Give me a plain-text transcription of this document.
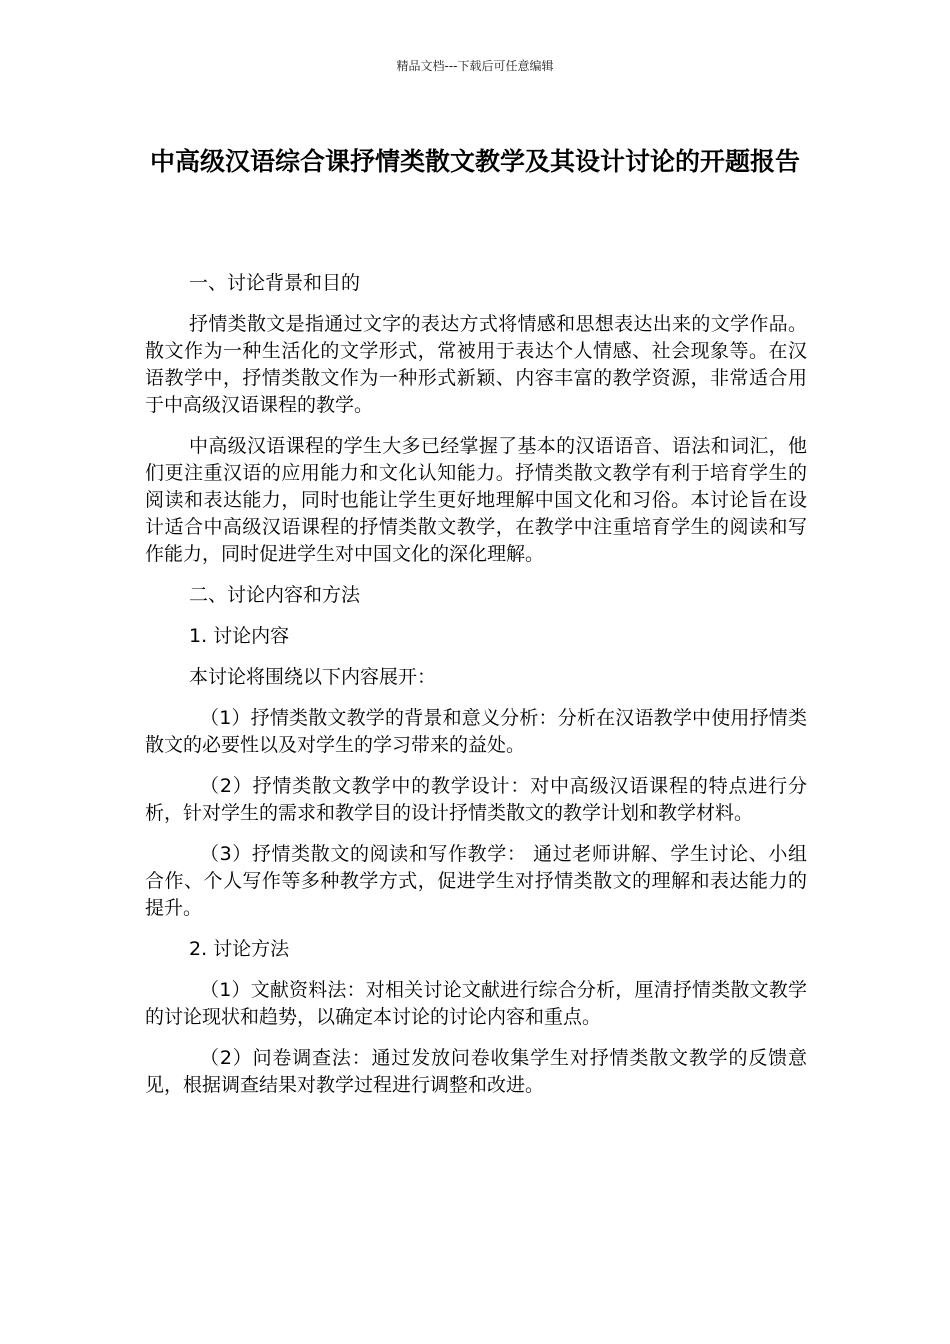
精品文档---下载后可任意编辑
中高级汉语综合课抒情类散文教学及其设计讨论的开题报告

一、讨论背景和目的

抒情类散文是指通过文字的表达方式将情感和思想表达出来的文学作品。散文作为一种生活化的文学形式，常被用于表达个人情感、社会现象等。在汉语教学中，抒情类散文作为一种形式新颖、内容丰富的教学资源，非常适合用于中高级汉语课程的教学。

中高级汉语课程的学生大多已经掌握了基本的汉语语音、语法和词汇，他们更注重汉语的应用能力和文化认知能力。抒情类散文教学有利于培育学生的阅读和表达能力，同时也能让学生更好地理解中国文化和习俗。本讨论旨在设计适合中高级汉语课程的抒情类散文教学，在教学中注重培育学生的阅读和写作能力，同时促进学生对中国文化的深化理解。

二、讨论内容和方法

1. 讨论内容

本讨论将围绕以下内容展开：

（1）抒情类散文教学的背景和意义分析：分析在汉语教学中使用抒情类散文的必要性以及对学生的学习带来的益处。

（2）抒情类散文教学中的教学设计：对中高级汉语课程的特点进行分析，针对学生的需求和教学目的设计抒情类散文的教学计划和教学材料。

（3）抒情类散文的阅读和写作教学： 通过老师讲解、学生讨论、小组合作、个人写作等多种教学方式，促进学生对抒情类散文的理解和表达能力的提升。

2. 讨论方法

（1）文献资料法：对相关讨论文献进行综合分析，厘清抒情类散文教学的讨论现状和趋势，以确定本讨论的讨论内容和重点。

（2）问卷调查法：通过发放问卷收集学生对抒情类散文教学的反馈意见，根据调查结果对教学过程进行调整和改进。
